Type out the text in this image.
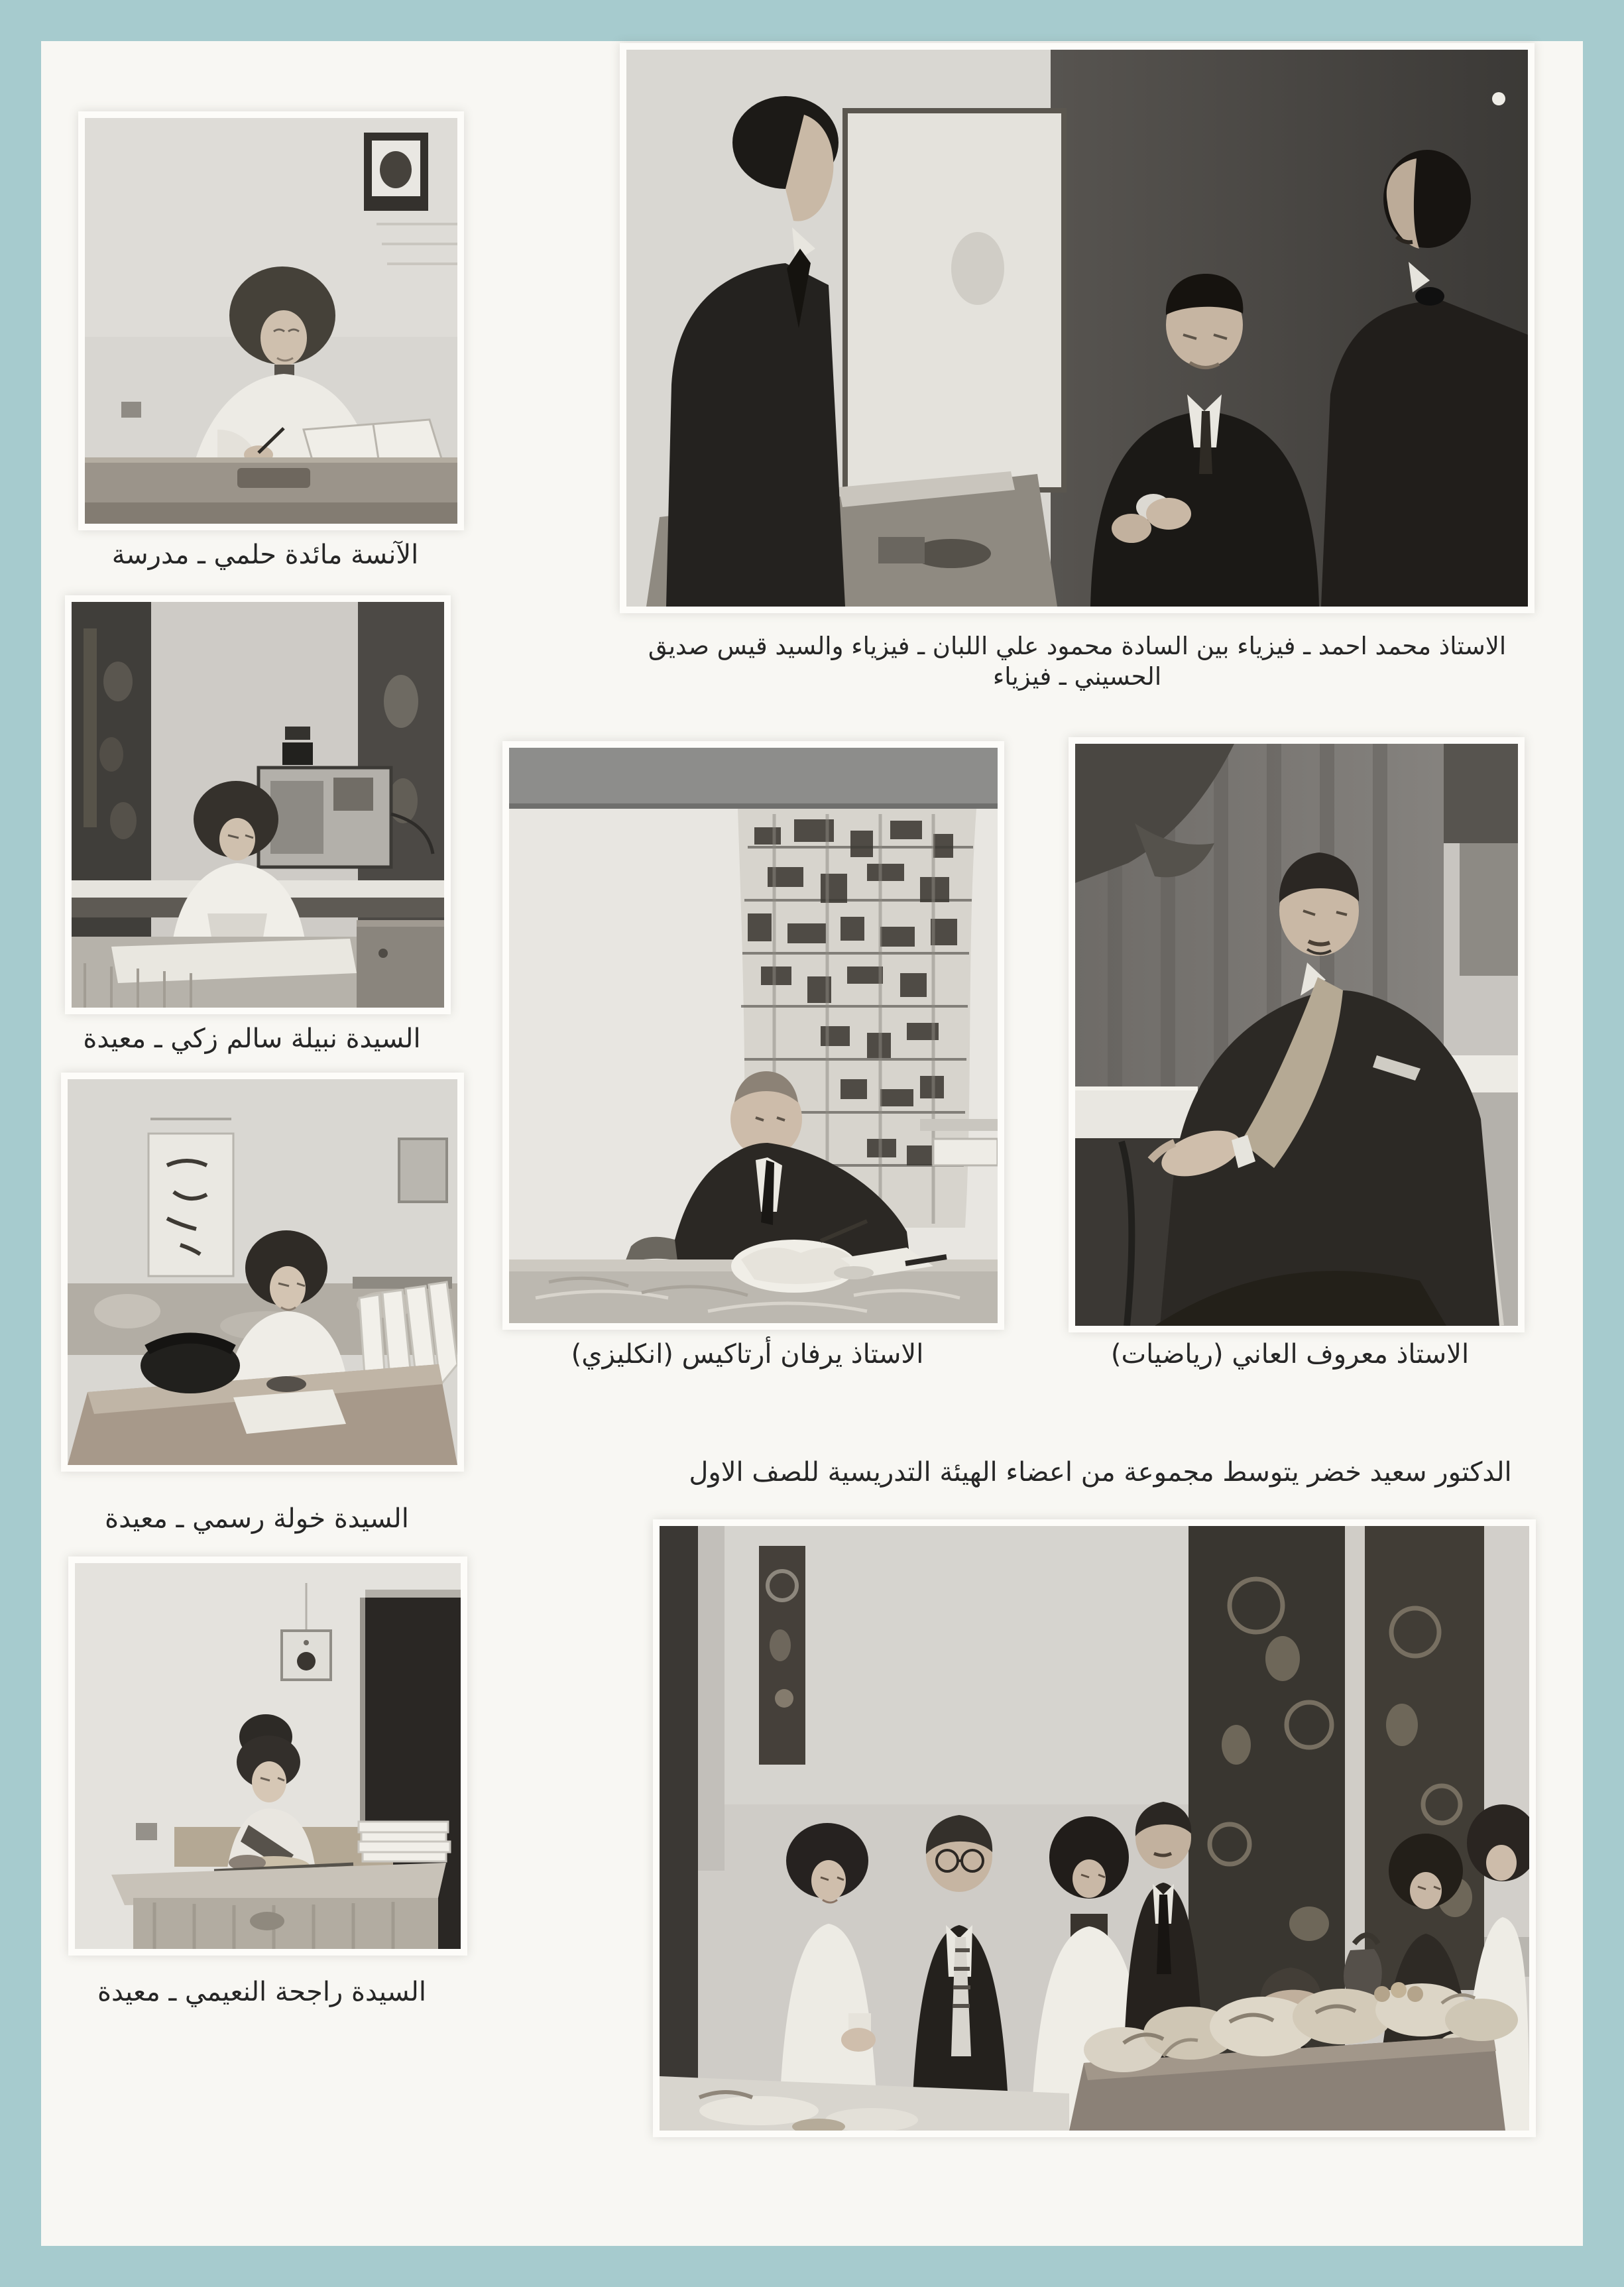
الآنسة مائدة حلمي ـ مدرسة
السيدة نبيلة سالم زكي ـ معيدة
السيدة خولة رسمي ـ معيدة
السيدة راجحة النعيمي ـ معيدة
الاستاذ محمد احمد ـ فيزياء بين السادة محمود علي اللبان ـ فيزياء والسيد قيس صديق الحسيني ـ فيزياء
الاستاذ يرفان أرتاكيس (انكليزي)	الاستاذ معروف العاني (رياضيات)
الدكتور سعيد خضر يتوسط مجموعة من اعضاء الهيئة التدريسية للصف الاول
